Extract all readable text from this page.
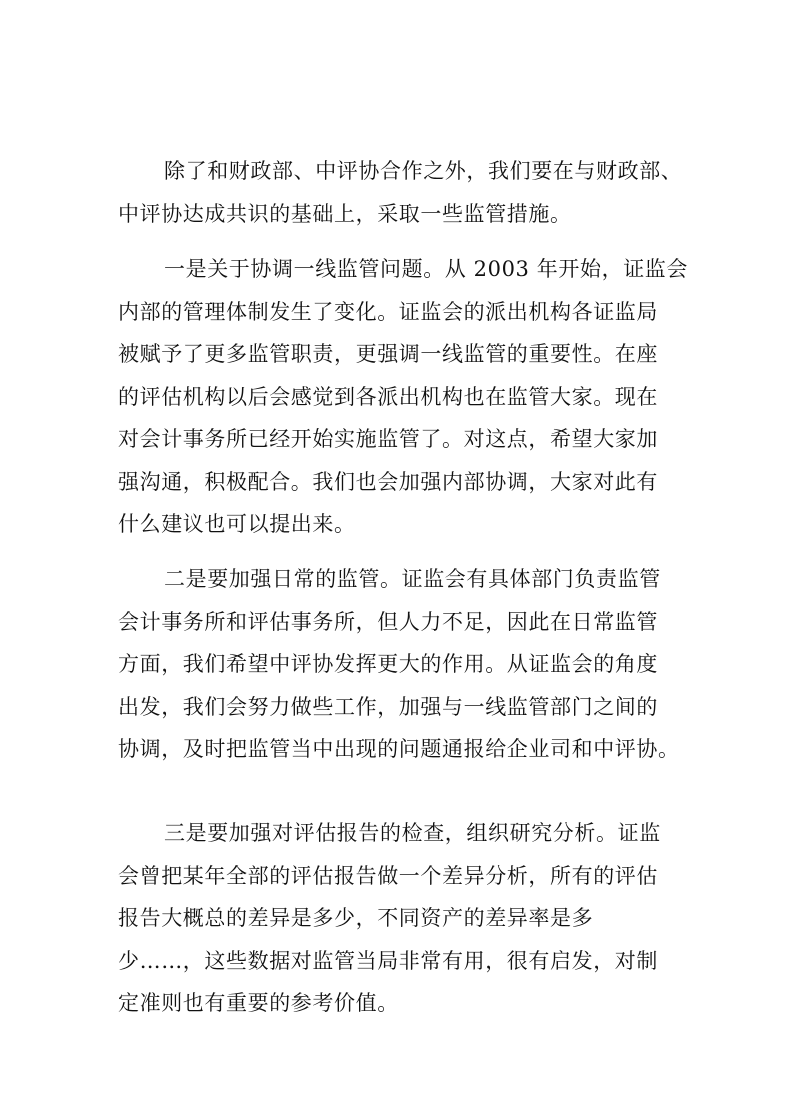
除了和财政部、中评协合作之外，我们要在与财政部、
中评协达成共识的基础上，采取一些监管措施。

一是关于协调一线监管问题。从 2003 年开始，证监会
内部的管理体制发生了变化。证监会的派出机构各证监局
被赋予了更多监管职责，更强调一线监管的重要性。在座
的评估机构以后会感觉到各派出机构也在监管大家。现在
对会计事务所已经开始实施监管了。对这点，希望大家加
强沟通，积极配合。我们也会加强内部协调，大家对此有
什么建议也可以提出来。

二是要加强日常的监管。证监会有具体部门负责监管
会计事务所和评估事务所，但人力不足，因此在日常监管
方面，我们希望中评协发挥更大的作用。从证监会的角度
出发，我们会努力做些工作，加强与一线监管部门之间的
协调，及时把监管当中出现的问题通报给企业司和中评协。

三是要加强对评估报告的检查，组织研究分析。证监
会曾把某年全部的评估报告做一个差异分析，所有的评估
报告大概总的差异是多少，不同资产的差异率是多
少……，这些数据对监管当局非常有用，很有启发，对制
定准则也有重要的参考价值。
